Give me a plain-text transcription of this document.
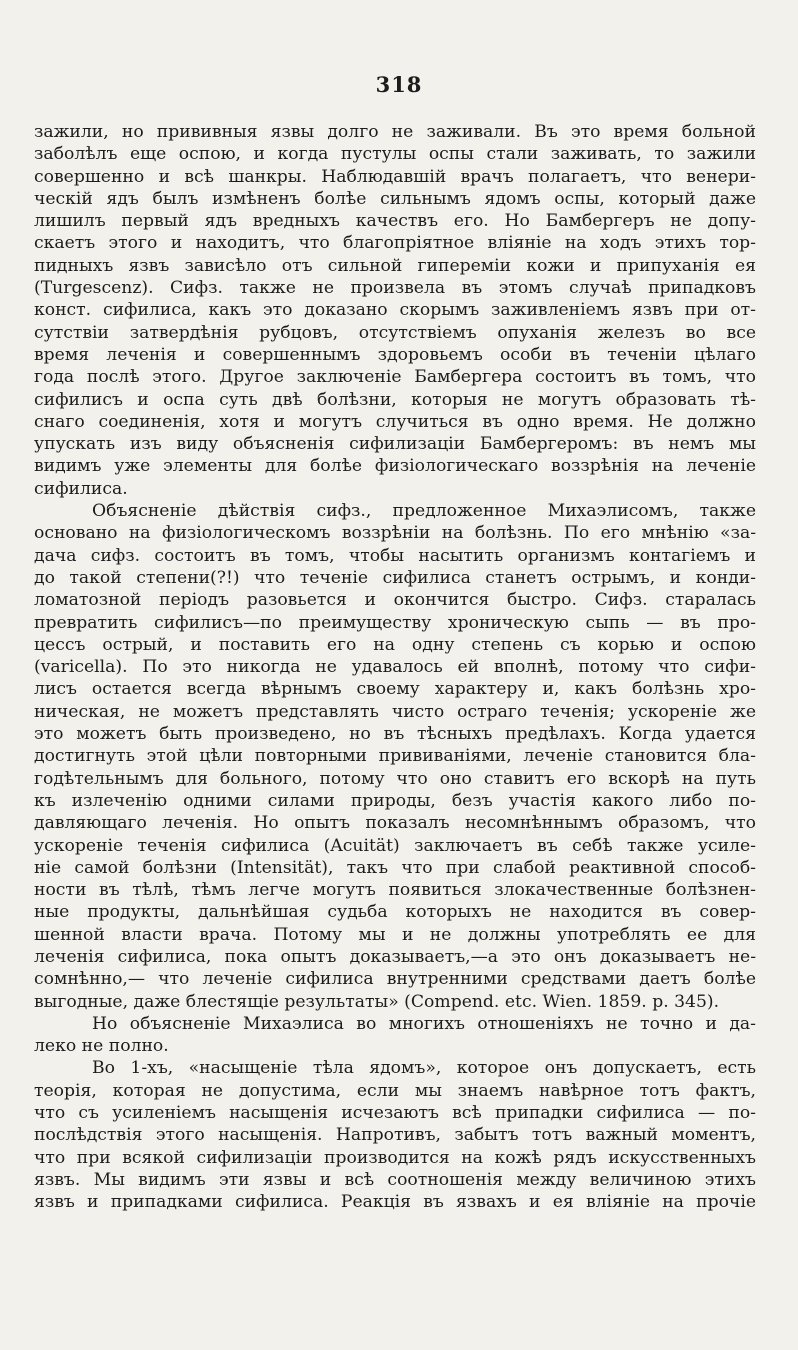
318
зажили, но прививныя язвы долго не заживали. Въ это время больной
заболѣлъ еще оспою, и когда пустулы оспы стали заживать, то зажили
совершенно и всѣ шанкры. Наблюдавшій врачъ полагаетъ, что венери-
ческій ядъ былъ измѣненъ болѣе сильнымъ ядомъ оспы, который даже
лишилъ первый ядъ вредныхъ качествъ его. Но Бамбергеръ не допу-
скаетъ этого и находитъ, что благопріятное вліяніе на ходъ этихъ тор-
пидныхъ язвъ зависѣло отъ сильной гипереміи кожи и припуханія ея
(Turgescenz). Сифз. также не произвела въ этомъ случаѣ припадковъ
конст. сифилиса, какъ это доказано скорымъ заживленіемъ язвъ при от-
сутствіи затвердѣнія рубцовъ, отсутствіемъ опуханія железъ во все
время леченія и совершеннымъ здоровьемъ особи въ теченіи цѣлаго
года послѣ этого. Другое заключеніе Бамбергера состоитъ въ томъ, что
сифилисъ и оспа суть двѣ болѣзни, которыя не могутъ образовать тѣ-
снаго соединенія, хотя и могутъ случиться въ одно время. Не должно
упускать изъ виду объясненія сифилизаціи Бамбергеромъ: въ немъ мы
видимъ уже элементы для болѣе физіологическаго воззрѣнія на леченіе
сифилиса.
Объясненіе дѣйствія сифз., предложенное Михаэлисомъ, также
основано на физіологическомъ воззрѣніи на болѣзнь. По его мнѣнію «за-
дача сифз. состоитъ въ томъ, чтобы насытить организмъ контагіемъ и
до такой степени(?!) что теченіе сифилиса станетъ острымъ, и конди-
ломатозной періодъ разовьется и окончится быстро. Сифз. старалась
превратить сифилисъ—по преимуществу хроническую сыпь — въ про-
цессъ острый, и поставить его на одну степень съ корью и оспою
(varicella). По это никогда не удавалось ей вполнѣ, потому что сифи-
лисъ остается всегда вѣрнымъ своему характеру и, какъ болѣзнь хро-
ническая, не можетъ представлять чисто остраго теченія; ускореніе же
это можетъ быть произведено, но въ тѣсныхъ предѣлахъ. Когда удается
достигнуть этой цѣли повторными прививаніями, леченіе становится бла-
годѣтельнымъ для больного, потому что оно ставитъ его вскорѣ на путь
къ излеченію одними силами природы, безъ участія какого либо по-
давляющаго леченія. Но опытъ показалъ несомнѣннымъ образомъ, что
ускореніе теченія сифилиса (Acuität) заключаетъ въ себѣ также усиле-
ніе самой болѣзни (Intensität), такъ что при слабой реактивной способ-
ности въ тѣлѣ, тѣмъ легче могутъ появиться злокачественные болѣзнен-
ные продукты, дальнѣйшая судьба которыхъ не находится въ совер-
шенной власти врача. Потому мы и не должны употреблять ее для
леченія сифилиса, пока опытъ доказываетъ,—а это онъ доказываетъ не-
сомнѣнно,— что леченіе сифилиса внутренними средствами даетъ болѣе
выгодные, даже блестящіе результаты» (Compend. etc. Wien. 1859. p. 345).
Но объясненіе Михаэлиса во многихъ отношеніяхъ не точно и да-
леко не полно.
Во 1-хъ, «насыщеніе тѣла ядомъ», которое онъ допускаетъ, есть
теорія, которая не допустима, если мы знаемъ навѣрное тотъ фактъ,
что съ усиленіемъ насыщенія исчезаютъ всѣ припадки сифилиса — по-
послѣдствія этого насыщенія. Напротивъ, забытъ тотъ важный моментъ,
что при всякой сифилизаціи производится на кожѣ рядъ искусственныхъ
язвъ. Мы видимъ эти язвы и всѣ соотношенія между величиною этихъ
язвъ и припадками сифилиса. Реакція въ язвахъ и ея вліяніе на прочіе
